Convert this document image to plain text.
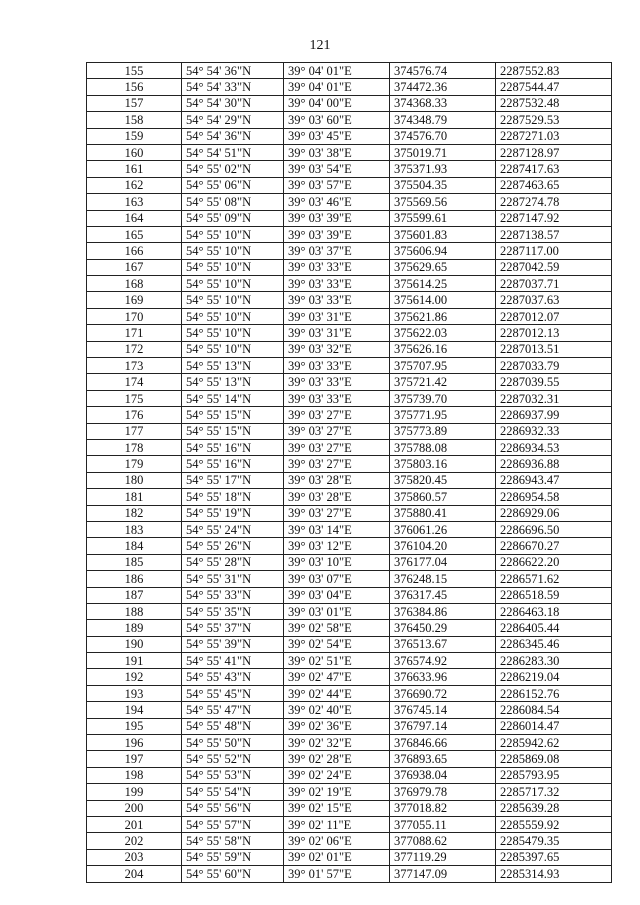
121
155	54° 54' 36"N	39° 04' 01"E	374576.74	2287552.83
156	54° 54' 33"N	39° 04' 01"E	374472.36	2287544.47
157	54° 54' 30"N	39° 04' 00"E	374368.33	2287532.48
158	54° 54' 29"N	39° 03' 60"E	374348.79	2287529.53
159	54° 54' 36"N	39° 03' 45"E	374576.70	2287271.03
160	54° 54' 51"N	39° 03' 38"E	375019.71	2287128.97
161	54° 55' 02"N	39° 03' 54"E	375371.93	2287417.63
162	54° 55' 06"N	39° 03' 57"E	375504.35	2287463.65
163	54° 55' 08"N	39° 03' 46"E	375569.56	2287274.78
164	54° 55' 09"N	39° 03' 39"E	375599.61	2287147.92
165	54° 55' 10"N	39° 03' 39"E	375601.83	2287138.57
166	54° 55' 10"N	39° 03' 37"E	375606.94	2287117.00
167	54° 55' 10"N	39° 03' 33"E	375629.65	2287042.59
168	54° 55' 10"N	39° 03' 33"E	375614.25	2287037.71
169	54° 55' 10"N	39° 03' 33"E	375614.00	2287037.63
170	54° 55' 10"N	39° 03' 31"E	375621.86	2287012.07
171	54° 55' 10"N	39° 03' 31"E	375622.03	2287012.13
172	54° 55' 10"N	39° 03' 32"E	375626.16	2287013.51
173	54° 55' 13"N	39° 03' 33"E	375707.95	2287033.79
174	54° 55' 13"N	39° 03' 33"E	375721.42	2287039.55
175	54° 55' 14"N	39° 03' 33"E	375739.70	2287032.31
176	54° 55' 15"N	39° 03' 27"E	375771.95	2286937.99
177	54° 55' 15"N	39° 03' 27"E	375773.89	2286932.33
178	54° 55' 16"N	39° 03' 27"E	375788.08	2286934.53
179	54° 55' 16"N	39° 03' 27"E	375803.16	2286936.88
180	54° 55' 17"N	39° 03' 28"E	375820.45	2286943.47
181	54° 55' 18"N	39° 03' 28"E	375860.57	2286954.58
182	54° 55' 19"N	39° 03' 27"E	375880.41	2286929.06
183	54° 55' 24"N	39° 03' 14"E	376061.26	2286696.50
184	54° 55' 26"N	39° 03' 12"E	376104.20	2286670.27
185	54° 55' 28"N	39° 03' 10"E	376177.04	2286622.20
186	54° 55' 31"N	39° 03' 07"E	376248.15	2286571.62
187	54° 55' 33"N	39° 03' 04"E	376317.45	2286518.59
188	54° 55' 35"N	39° 03' 01"E	376384.86	2286463.18
189	54° 55' 37"N	39° 02' 58"E	376450.29	2286405.44
190	54° 55' 39"N	39° 02' 54"E	376513.67	2286345.46
191	54° 55' 41"N	39° 02' 51"E	376574.92	2286283.30
192	54° 55' 43"N	39° 02' 47"E	376633.96	2286219.04
193	54° 55' 45"N	39° 02' 44"E	376690.72	2286152.76
194	54° 55' 47"N	39° 02' 40"E	376745.14	2286084.54
195	54° 55' 48"N	39° 02' 36"E	376797.14	2286014.47
196	54° 55' 50"N	39° 02' 32"E	376846.66	2285942.62
197	54° 55' 52"N	39° 02' 28"E	376893.65	2285869.08
198	54° 55' 53"N	39° 02' 24"E	376938.04	2285793.95
199	54° 55' 54"N	39° 02' 19"E	376979.78	2285717.32
200	54° 55' 56"N	39° 02' 15"E	377018.82	2285639.28
201	54° 55' 57"N	39° 02' 11"E	377055.11	2285559.92
202	54° 55' 58"N	39° 02' 06"E	377088.62	2285479.35
203	54° 55' 59"N	39° 02' 01"E	377119.29	2285397.65
204	54° 55' 60"N	39° 01' 57"E	377147.09	2285314.93
